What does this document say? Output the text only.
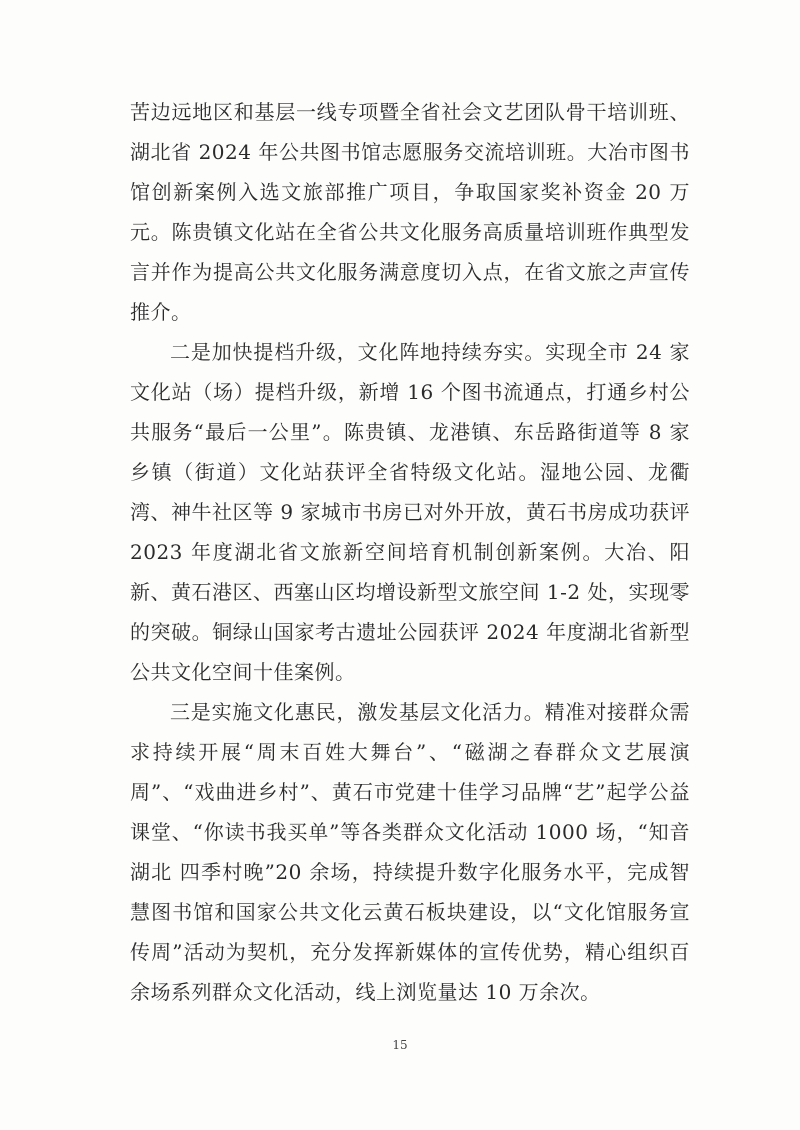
苦边远地区和基层一线专项暨全省社会文艺团队骨干培训班、湖北省 2024 年公共图书馆志愿服务交流培训班。大冶市图书馆创新案例入选文旅部推广项目，争取国家奖补资金 20 万元。陈贵镇文化站在全省公共文化服务高质量培训班作典型发言并作为提高公共文化服务满意度切入点，在省文旅之声宣传推介。

二是加快提档升级，文化阵地持续夯实。实现全市 24 家文化站（场）提档升级，新增 16 个图书流通点，打通乡村公共服务“最后一公里”。陈贵镇、龙港镇、东岳路街道等 8 家乡镇（街道）文化站获评全省特级文化站。湿地公园、龙衢湾、神牛社区等 9 家城市书房已对外开放，黄石书房成功获评 2023 年度湖北省文旅新空间培育机制创新案例。大冶、阳新、黄石港区、西塞山区均增设新型文旅空间 1-2 处，实现零的突破。铜绿山国家考古遗址公园获评 2024 年度湖北省新型公共文化空间十佳案例。

三是实施文化惠民，激发基层文化活力。精准对接群众需求持续开展“周末百姓大舞台”、“磁湖之春群众文艺展演周”、“戏曲进乡村”、黄石市党建十佳学习品牌“艺”起学公益课堂、“你读书我买单”等各类群众文化活动 1000 场，“知音湖北 四季村晚”20 余场，持续提升数字化服务水平，完成智慧图书馆和国家公共文化云黄石板块建设，以“文化馆服务宣传周”活动为契机，充分发挥新媒体的宣传优势，精心组织百余场系列群众文化活动，线上浏览量达 10 万余次。

15
